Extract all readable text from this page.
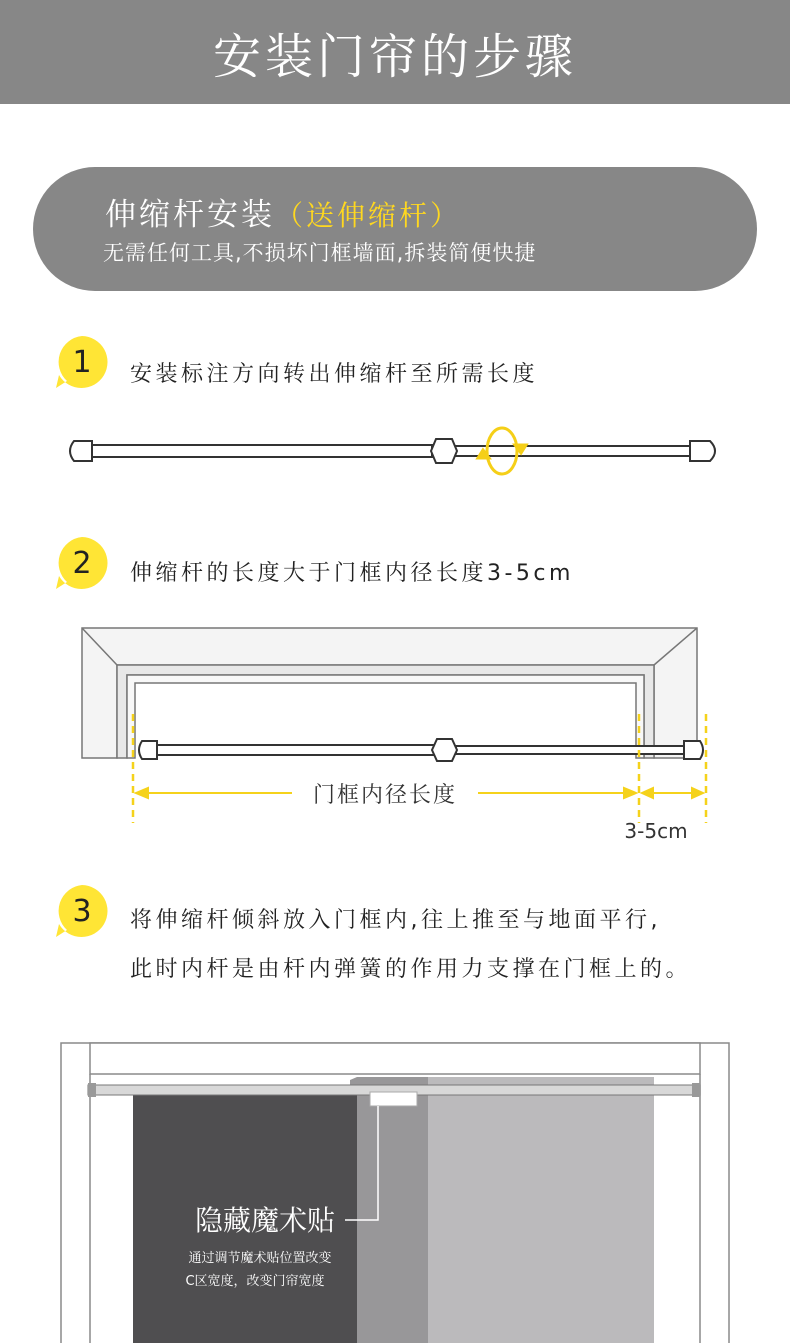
安装门帘的步骤
伸缩杆安装（送伸缩杆）
无需任何工具,不损坏门框墙面,拆装简便快捷
1	安装标注方向转出伸缩杆至所需长度
2	伸缩杆的长度大于门框内径长度3-5cm
门框内径长度
3-5cm
3	将伸缩杆倾斜放入门框内,往上推至与地面平行,
此时内杆是由杆内弹簧的作用力支撑在门框上的。
隐藏魔术贴
通过调节魔术贴位置改变
C区宽度，改变门帘宽度
